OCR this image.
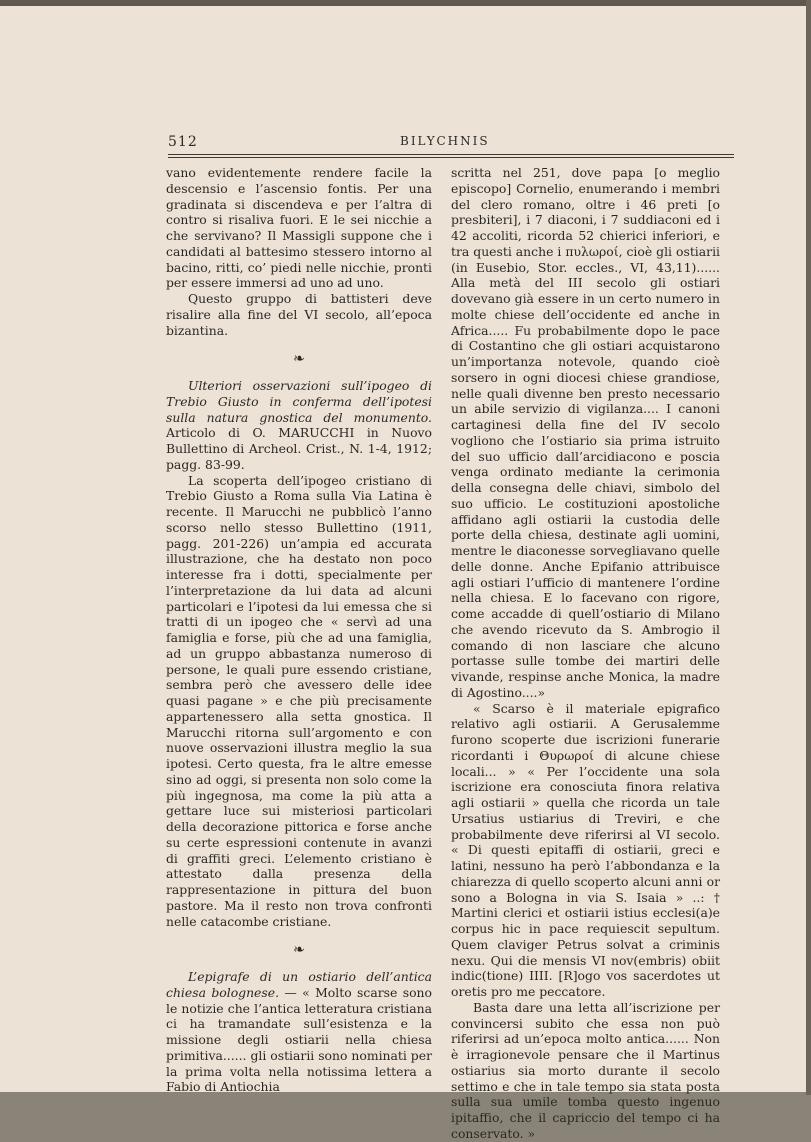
512	BILYCHNIS

vano evidentemente rendere facile la descensio e l’ascensio fontis. Per una gradinata si discendeva e per l’altra di contro si risaliva fuori. E le sei nicchie a che servivano? Il Massigli suppone che i candidati al battesimo stessero intorno al bacino, ritti, co’ piedi nelle nicchie, pronti per essere immersi ad uno ad uno.

Questo gruppo di battisteri deve risalire alla fine del VI secolo, all’epoca bizantina.

❧

Ulteriori osservazioni sull’ipogeo di Trebio Giusto in conferma dell’ipotesi sulla natura gnostica del monumento. Articolo di O. MARUCCHI in Nuovo Bullettino di Archeol. Crist., N. 1-4, 1912; pagg. 83-99.

La scoperta dell’ipogeo cristiano di Trebio Giusto a Roma sulla Via Latina è recente. Il Marucchi ne pubblicò l’anno scorso nello stesso Bullettino (1911, pagg. 201-226) un’ampia ed accurata illustrazione, che ha destato non poco interesse fra i dotti, specialmente per l’interpretazione da lui data ad alcuni particolari e l’ipotesi da lui emessa che si tratti di un ipogeo che « servì ad una famiglia e forse, più che ad una famiglia, ad un gruppo abbastanza numeroso di persone, le quali pure essendo cristiane, sembra però che avessero delle idee quasi pagane » e che più precisamente appartenessero alla setta gnostica. Il Marucchi ritorna sull’argomento e con nuove osservazioni illustra meglio la sua ipotesi. Certo questa, fra le altre emesse sino ad oggi, si presenta non solo come la più ingegnosa, ma come la più atta a gettare luce sui misteriosi particolari della decorazione pittorica e forse anche su certe espressioni contenute in avanzi di graffiti greci. L’elemento cristiano è attestato dalla presenza della rappresentazione in pittura del buon pastore. Ma il resto non trova confronti nelle catacombe cristiane.

❧

L’epigrafe di un ostiario dell’antica chiesa bolognese. — « Molto scarse sono le notizie che l’antica letteratura cristiana ci ha tramandate sull’esistenza e la missione degli ostiarii nella chiesa primitiva...... gli ostiarii sono nominati per la prima volta nella notissima lettera a Fabio di Antiochia

scritta nel 251, dove papa [o meglio episcopo] Cornelio, enumerando i membri del clero romano, oltre i 46 preti [o presbiteri], i 7 diaconi, i 7 suddiaconi ed i 42 accoliti, ricorda 52 chierici inferiori, e tra questi anche i πυλωροί, cioè gli ostiarii (in Eusebio, Stor. eccles., VI, 43,11)...... Alla metà del III secolo gli ostiari dovevano già essere in un certo numero in molte chiese dell’occidente ed anche in Africa..... Fu probabilmente dopo le pace di Costantino che gli ostiari acquistarono un’importanza notevole, quando cioè sorsero in ogni diocesi chiese grandiose, nelle quali divenne ben presto necessario un abile servizio di vigilanza.... I canoni cartaginesi della fine del IV secolo vogliono che l’ostiario sia prima istruito del suo ufficio dall’arcidiacono e poscia venga ordinato mediante la cerimonia della consegna delle chiavi, simbolo del suo ufficio. Le costituzioni apostoliche affidano agli ostiarii la custodia delle porte della chiesa, destinate agli uomini, mentre le diaconesse sorvegliavano quelle delle donne. Anche Epifanio attribuisce agli ostiari l’ufficio di mantenere l’ordine nella chiesa. E lo facevano con rigore, come accadde di quell’ostiario di Milano che avendo ricevuto da S. Ambrogio il comando di non lasciare che alcuno portasse sulle tombe dei martiri delle vivande, respinse anche Monica, la madre di Agostino....»

« Scarso è il materiale epigrafico relativo agli ostiarii. A Gerusalemme furono scoperte due iscrizioni funerarie ricordanti i Θυρωροί di alcune chiese locali... » « Per l’occidente una sola iscrizione era conosciuta finora relativa agli ostiarii » quella che ricorda un tale Ursatius ustiarius di Treviri, e che probabilmente deve riferirsi al VI secolo. « Di questi epitaffi di ostiarii, greci e latini, nessuno ha però l’abbondanza e la chiarezza di quello scoperto alcuni anni or sono a Bologna in via S. Isaia » ..: † Martini clerici et ostiarii istius ecclesi(a)e corpus hic in pace requiescit sepultum. Quem claviger Petrus solvat a criminis nexu. Qui die mensis VI nov(embris) obiit indic(tione) IIII. [R]ogo vos sacerdotes ut oretis pro me peccatore.

Basta dare una letta all’iscrizione per convincersi subito che essa non può riferirsi ad un’epoca molto antica...... Non è irragionevole pensare che il Martinus ostiarius sia morto durante il secolo settimo e che in tale tempo sia stata posta sulla sua umile tomba questo ingenuo ipitaffio, che il capriccio del tempo ci ha conservato. »
